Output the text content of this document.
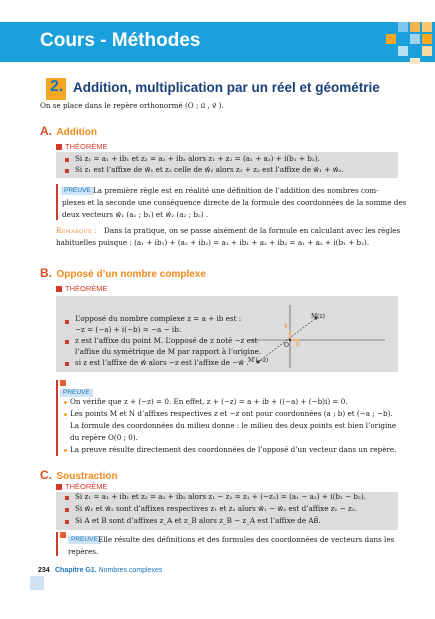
Cours - Méthodes
2. Addition, multiplication par un réel et géométrie
On se place dans le repère orthonormé (O ; u⃗ , v⃗ ).
A. Addition
THÉORÈME
Si z₁ = a₁ + ib₁ et z₂ = a₂ + ib₂ alors z₁ + z₂ = (a₁ + a₂) + i(b₁ + b₂).
Si z₁ est l’affixe de w⃗₁ et z₂ celle de w⃗₂ alors z₁ + z₂ est l’affixe de w⃗₁ + w⃗₂.
PREUVE La première règle est en réalité une définition de l’addition des nombres com-
plexes et la seconde une conséquence directe de la formule des coordonnées de la somme des
deux vecteurs w⃗₁ (a₁ ; b₁) et w⃗₂ (a₂ ; b₂) .
Remarque : Dans la pratique, on se passe aisément de la formule en calculant avec les règles
habituelles puisque : (a₁ + ib₁) + (a₂ + ib₂) = a₁ + ib₁ + a₂ + ib₂ = a₁ + a₂ + i(b₁ + b₂).
B. Opposé d’un nombre complexe
THÉORÈME
L’opposé du nombre complexe z = a + ib est :
−z = (−a) + i(−b) = −a − ib.
z est l’affixe du point M. L’opposé de z noté −z est
l’affixe du symétrique de M par rapport à l’origine.
si z est l’affixe de w⃗ alors −z est l’affixe de −w⃗ .
M(z)
M′(−z)
O u⃗
v⃗
PREUVE
On vérifie que z + (−z) = 0. En effet, z + (−z) = a + ib + ((−a) + (−b)i) = 0.
Les points M et N d’affixes respectives z et −z ont pour coordonnées (a ; b) et (−a ; −b).
La formule des coordonnées du milieu donne : le milieu des deux points est bien l’origine
du repère O(0 ; 0).
La preuve résulte directement des coordonnées de l’opposé d’un vecteur dans un repère.
C. Soustraction
THÉORÈME
Si z₁ = a₁ + ib₁ et z₂ = a₂ + ib₂ alors z₁ − z₂ = z₁ + (−z₂) = (a₁ − a₂) + i(b₁ − b₂).
Si w⃗₁ et w⃗₂ sont d’affixes respectives z₁ et z₂ alors w⃗₁ − w⃗₂ est d’affixe z₁ − z₂.
Si A et B sont d’affixes z_A et z_B alors z_B − z_A est l’affixe de AB⃗.
PREUVE Elle résulte des définitions et des formules des coordonnées de vecteurs dans les
repères.
234 Chapitre G1. Nombres complexes
